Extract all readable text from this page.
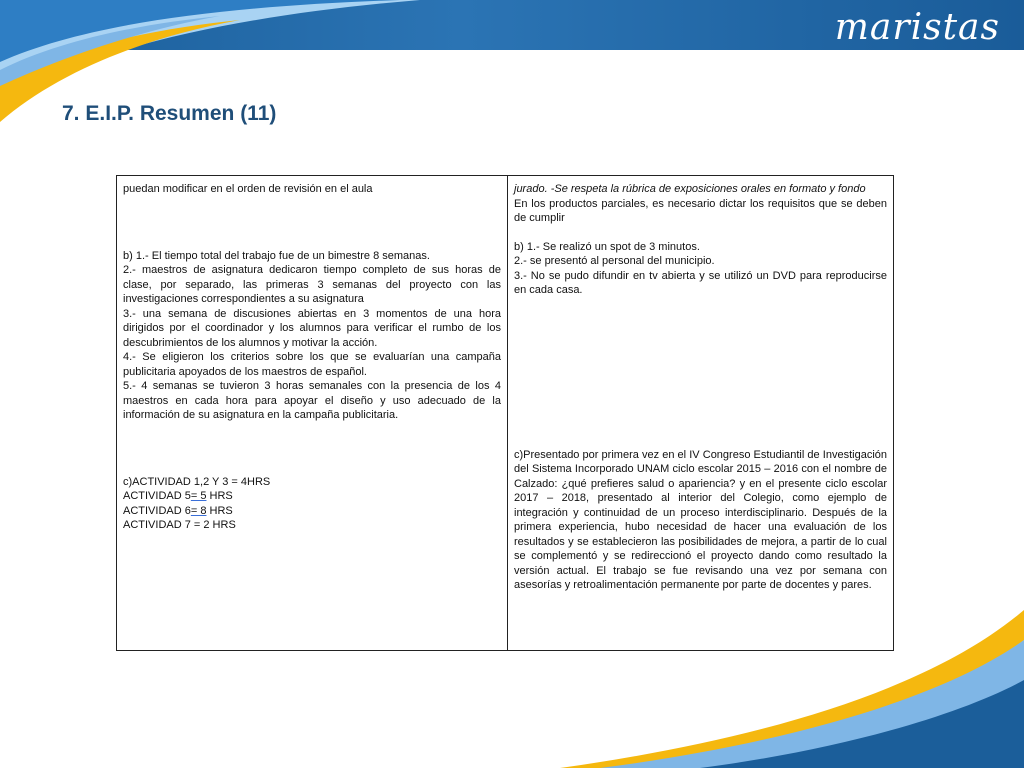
maristas
7. E.I.P. Resumen (11)
puedan modificar en el orden de revisión en el aula
b) 1.- El tiempo total del trabajo fue de un bimestre 8 semanas.
2.- maestros de asignatura dedicaron tiempo completo de sus horas de clase, por separado, las primeras 3 semanas del proyecto con las investigaciones correspondientes a su asignatura
3.- una semana de discusiones abiertas en 3 momentos de una hora dirigidos por el coordinador y los alumnos para verificar el rumbo de los descubrimientos de los alumnos y motivar la acción.
4.- Se eligieron los criterios sobre los que se evaluarían una campaña publicitaria apoyados de los maestros de español.
5.- 4 semanas se tuvieron 3 horas semanales con la presencia de los 4 maestros en cada hora para apoyar el diseño y uso adecuado de la información de su asignatura en la campaña publicitaria.
c)ACTIVIDAD 1,2 Y 3 = 4HRS
ACTIVIDAD 5= 5 HRS
ACTIVIDAD 6= 8 HRS
ACTIVIDAD 7 = 2 HRS

jurado. -Se respeta la rúbrica de exposiciones orales en formato y fondo
En los productos parciales, es necesario dictar los requisitos que se deben de cumplir
b) 1.- Se realizó un spot de 3 minutos.
2.- se presentó al personal del municipio.
3.- No se pudo difundir en tv abierta y se utilizó un DVD para reproducirse en cada casa.
c)Presentado por primera vez en el IV Congreso Estudiantil de Investigación del Sistema Incorporado UNAM ciclo escolar 2015 – 2016 con el nombre de Calzado: ¿qué prefieres salud o apariencia? y en el presente ciclo escolar 2017 – 2018, presentado al interior del Colegio, como ejemplo de integración y continuidad de un proceso interdisciplinario. Después de la primera experiencia, hubo necesidad de hacer una evaluación de los resultados y se establecieron las posibilidades de mejora, a partir de lo cual se complementó y se redireccionó el proyecto dando como resultado la versión actual. El trabajo se fue revisando una vez por semana con asesorías y retroalimentación permanente por parte de docentes y pares.
